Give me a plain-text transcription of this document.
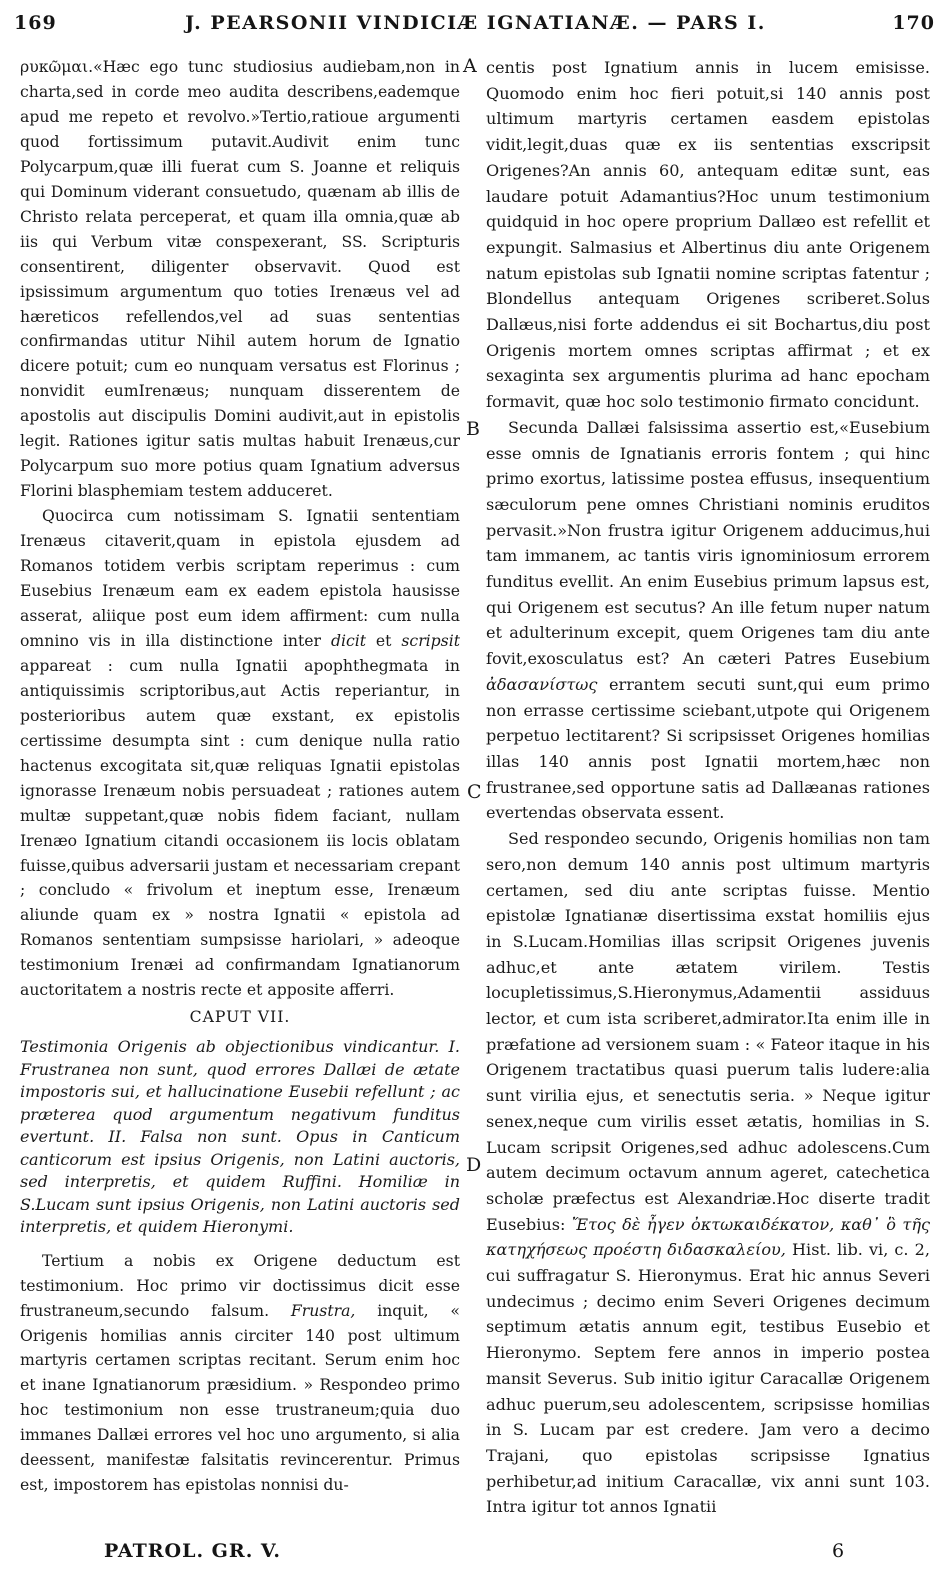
169	J. PEARSONII VINDICIÆ IGNATIANÆ. — PARS I.	170

ρυκῶμαι.«Hæc ego tunc studiosius audiebam,non in charta,sed in corde meo audita describens,eademque apud me repeto et revolvo.»Tertio,ratioue argumenti quod fortissimum putavit.Audivit enim tunc Polycarpum,quæ illi fuerat cum S. Joanne et reliquis qui Dominum viderant consuetudo, quænam ab illis de Christo relata perceperat, et quam illa omnia,quæ ab iis qui Verbum vitæ conspexerant, SS. Scripturis consentirent, diligenter observavit. Quod est ipsissimum argumentum quo toties Irenæus vel ad hæreticos refellendos,vel ad suas sententias confirmandas utitur Nihil autem horum de Ignatio dicere potuit; cum eo nunquam versatus est Florinus ; nonvidit eumIrenæus; nunquam disserentem de apostolis aut discipulis Domini audivit,aut in epistolis legit. Rationes igitur satis multas habuit Irenæus,cur Polycarpum suo more potius quam Ignatium adversus Florini blasphemiam testem adduceret.

Quocirca cum notissimam S. Ignatii sententiam Irenæus citaverit,quam in epistola ejusdem ad Romanos totidem verbis scriptam reperimus : cum Eusebius Irenæum eam ex eadem epistola hausisse asserat, aliique post eum idem affirment: cum nulla omnino vis in illa distinctione inter dicit et scripsit appareat : cum nulla Ignatii apophthegmata in antiquissimis scriptoribus,aut Actis reperiantur, in posterioribus autem quæ exstant, ex epistolis certissime desumpta sint : cum denique nulla ratio hactenus excogitata sit,quæ reliquas Ignatii epistolas ignorasse Irenæum nobis persuadeat ; rationes autem multæ suppetant,quæ nobis fidem faciant, nullam Irenæo Ignatium citandi occasionem iis locis oblatam fuisse,quibus adversarii justam et necessariam crepant ; concludo « frivolum et ineptum esse, Irenæum aliunde quam ex » nostra Ignatii « epistola ad Romanos sententiam sumpsisse hariolari, » adeoque testimonium Irenæi ad confirmandam Ignatianorum auctoritatem a nostris recte et apposite afferri.

CAPUT VII.

Testimonia Origenis ab objectionibus vindicantur. I. Frustranea non sunt, quod errores Dallæi de ætate impostoris sui, et hallucinatione Eusebii refellunt ; ac præterea quod argumentum negativum funditus evertunt. II. Falsa non sunt. Opus in Canticum canticorum est ipsius Origenis, non Latini auctoris, sed interpretis, et quidem Ruffini. Homiliæ in S.Lucam sunt ipsius Origenis, non Latini auctoris sed interpretis, et quidem Hieronymi.

Tertium a nobis ex Origene deductum est testimonium. Hoc primo vir doctissimus dicit esse frustraneum,secundo falsum. Frustra, inquit, « Origenis homilias annis circiter 140 post ultimum martyris certamen scriptas recitant. Serum enim hoc et inane Ignatianorum præsidium. » Respondeo primo hoc testimonium non esse trustraneum;quia duo immanes Dallæi errores vel hoc uno argumento, si alia deessent, manifestæ falsitatis revincerentur. Primus est, impostorem has epistolas nonnisi du-

A
B
C
D

centis post Ignatium annis in lucem emisisse. Quomodo enim hoc fieri potuit,si 140 annis post ultimum martyris certamen easdem epistolas vidit,legit,duas quæ ex iis sententias exscripsit Origenes?An annis 60, antequam editæ sunt, eas laudare potuit Adamantius?Hoc unum testimonium quidquid in hoc opere proprium Dallæo est refellit et expungit. Salmasius et Albertinus diu ante Origenem natum epistolas sub Ignatii nomine scriptas fatentur ; Blondellus antequam Origenes scriberet.Solus Dallæus,nisi forte addendus ei sit Bochartus,diu post Origenis mortem omnes scriptas affirmat ; et ex sexaginta sex argumentis plurima ad hanc epocham formavit, quæ hoc solo testimonio firmato concidunt.

Secunda Dallæi falsissima assertio est,«Eusebium esse omnis de Ignatianis erroris fontem ; qui hinc primo exortus, latissime postea effusus, insequentium sæculorum pene omnes Christiani nominis eruditos pervasit.»Non frustra igitur Origenem adducimus,hui tam immanem, ac tantis viris ignominiosum errorem funditus evellit. An enim Eusebius primum lapsus est, qui Origenem est secutus? An ille fetum nuper natum et adulterinum excepit, quem Origenes tam diu ante fovit,exosculatus est? An cæteri Patres Eusebium ἀδασανίστως errantem secuti sunt,qui eum primo non errasse certissime sciebant,utpote qui Origenem perpetuo lectitarent? Si scripsisset Origenes homilias illas 140 annis post Ignatii mortem,hæc non frustranee,sed opportune satis ad Dallæanas rationes evertendas observata essent.

Sed respondeo secundo, Origenis homilias non tam sero,non demum 140 annis post ultimum martyris certamen, sed diu ante scriptas fuisse. Mentio epistolæ Ignatianæ disertissima exstat homiliis ejus in S.Lucam.Homilias illas scripsit Origenes juvenis adhuc,et ante ætatem virilem. Testis locupletissimus,S.Hieronymus,Adamentii assiduus lector, et cum ista scriberet,admirator.Ita enim ille in præfatione ad versionem suam : « Fateor itaque in his Origenem tractatibus quasi puerum talis ludere:alia sunt virilia ejus, et senectutis seria. » Neque igitur senex,neque cum virilis esset ætatis, homilias in S. Lucam scripsit Origenes,sed adhuc adolescens.Cum autem decimum octavum annum ageret, catechetica scholæ præfectus est Alexandriæ.Hoc diserte tradit Eusebius: Ἔτος δὲ ἦγεν ὀκτωκαιδέκατον, καθ᾽ ὃ τῆς κατηχήσεως προέστη διδασκαλείου, Hist. lib. vi, c. 2, cui suffragatur S. Hieronymus. Erat hic annus Severi undecimus ; decimo enim Severi Origenes decimum septimum ætatis annum egit, testibus Eusebio et Hieronymo. Septem fere annos in imperio postea mansit Severus. Sub initio igitur Caracallæ Origenem adhuc puerum,seu adolescentem, scripsisse homilias in S. Lucam par est credere. Jam vero a decimo Trajani, quo epistolas scripsisse Ignatius perhibetur,ad initium Caracallæ, vix anni sunt 103. Intra igitur tot annos Ignatii

PATROL. GR. V.	6
